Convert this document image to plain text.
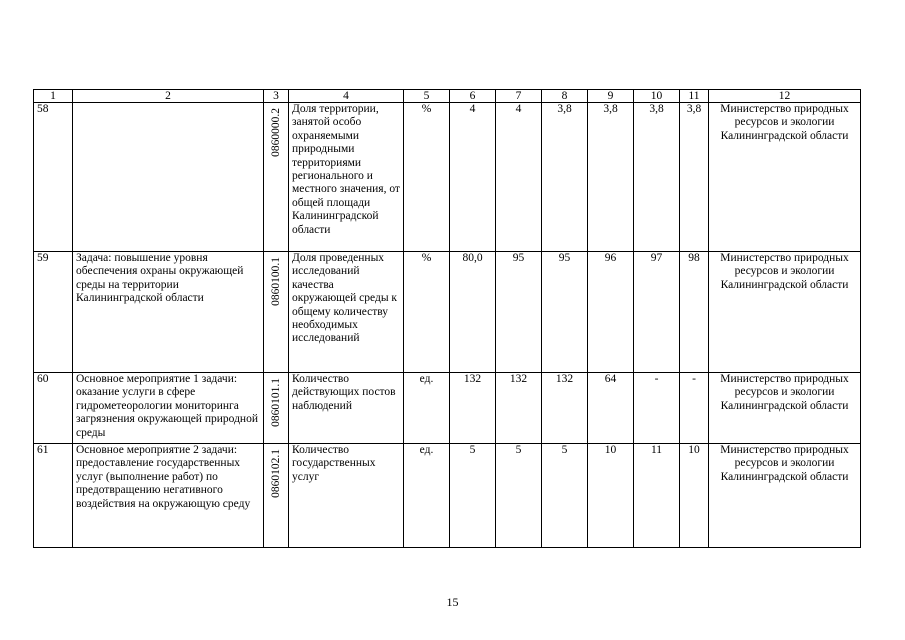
1	2	3	4	5	6	7	8	9	10	11	12
58		0860000.2	Доля территории, занятой особо охраняемыми природными территориями регионального и местного значения, от общей площади Калининградской области	%	4	4	3,8	3,8	3,8	3,8	Министерство природных ресурсов и экологии Калининградской области
59	Задача: повышение уровня обеспечения охраны окружающей среды на территории Калининградской области	0860100.1	Доля проведенных исследований качества окружающей среды к общему количеству необходимых исследований	%	80,0	95	95	96	97	98	Министерство природных ресурсов и экологии Калининградской области
60	Основное мероприятие 1 задачи: оказание услуги в сфере гидрометеорологии мониторинга загрязнения окружающей природной среды	0860101.1	Количество действующих постов наблюдений	ед.	132	132	132	64	-	-	Министерство природных ресурсов и экологии Калининградской области
61	Основное мероприятие 2 задачи: предоставление государственных услуг (выполнение работ) по предотвращению негативного воздействия на окружающую среду	0860102.1	Количество государственных услуг	ед.	5	5	5	10	11	10	Министерство природных ресурсов и экологии Калининградской области
15
